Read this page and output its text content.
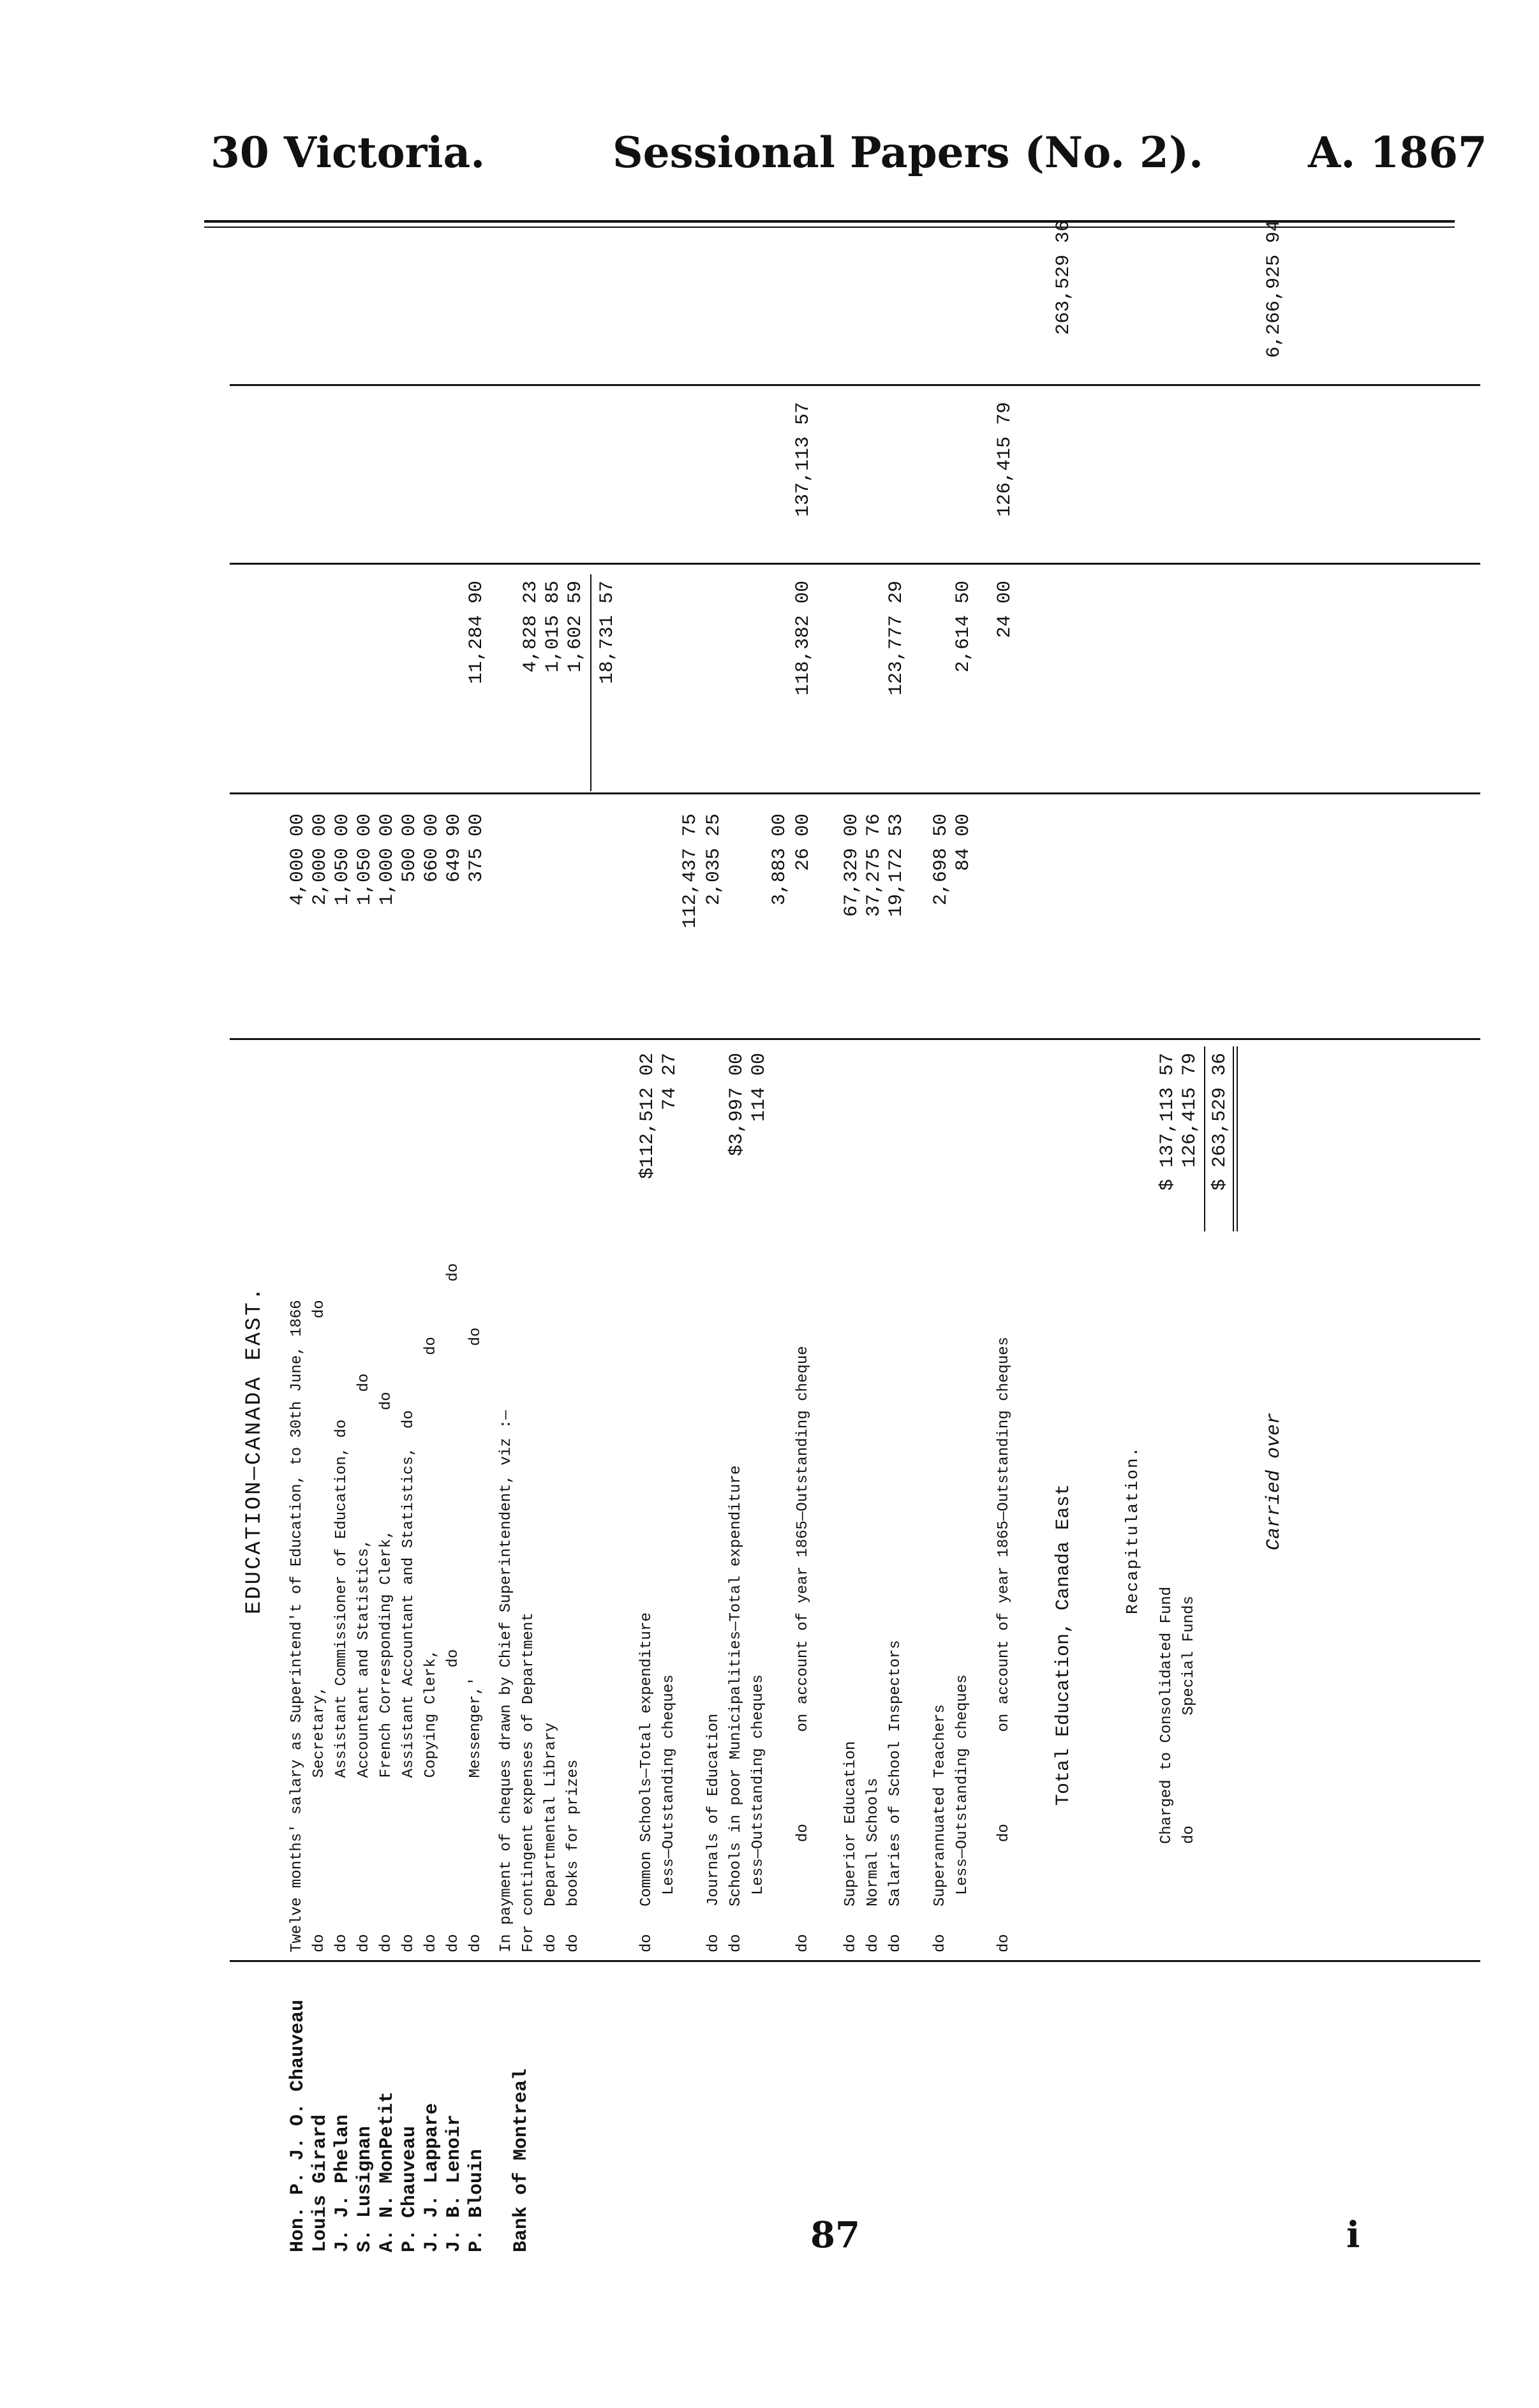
30 Victoria.	Sessional Papers (No. 2). A. 1867
EDUCATION—CANADA EAST.
Hon. P. J. O. Chauveau Louis Girard J. J. Phelan S. Lusignan A. N. MonPetit P. Chauveau J. J. Lappare J. B. Lenoir P. Blouin Bank of Montreal
Twelve months' salary as Superintend't of Education, to 30th June, 1866
4,000 00
do                 Secretary,                                        do
2,000 00
do                 Assistant Commissioner of Education, do
1,050 00
do                 Accountant and Statistics,                do
1,050 00
do                 French Corresponding Clerk,             do
1,000 00
do                 Assistant Accountant and Statistics,  do
500 00
do                 Copying Clerk,                                do
660 00
do                             do                                        do
649 90
do                 Messenger,'                                    do
375 00
11,284 90
In payment of cheques drawn by Chief Superintendent, viz :— For contingent expenses of Department
4,828 23
do   Departmental Library
1,015 85
do   books for prizes
1,602 59 18,731 57
do   Common Schools—Total expenditure
$112,512 02
Less—Outstanding cheques
74 27
112,437 75
do   Journals of Education
2,035 25
do   Schools in poor Municipalities—Total expenditure
$3,997 00
Less—Outstanding cheques
114 00
3,883 00
do          do          on account of year 1865—Outstanding cheque
26 00
118,382 00
137,113 57
do   Superior Education
67,329 00
do   Normal Schools
37,275 76
do   Salaries of School Inspectors
19,172 53
123,777 29
do   Superannuated Teachers
2,698 50
Less—Outstanding cheques
84 00
2,614 50
do          do          on account of year 1865—Outstanding cheques
24 00
126,415 79
Total Education, Canada East
263,529 36
Recapitulation.
Charged to Consolidated Fund
$ 137,113 57
do            Special Funds
126,415 79 $ 263,529 36
Carried over
6,266,925 94
87	i
